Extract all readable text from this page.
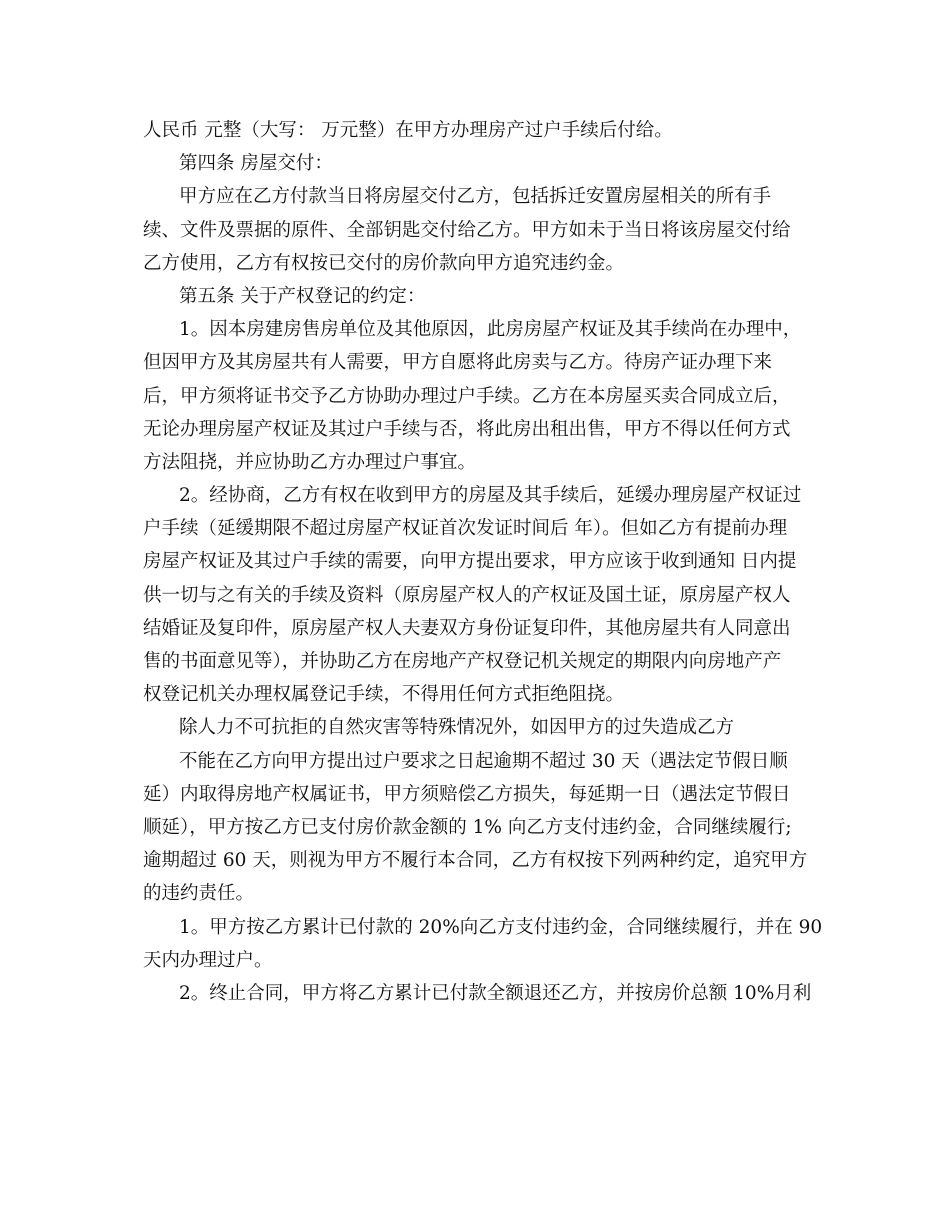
人民币 元整（大写： 万元整）在甲方办理房产过户手续后付给。
第四条 房屋交付：
甲方应在乙方付款当日将房屋交付乙方，包括拆迁安置房屋相关的所有手
续、文件及票据的原件、全部钥匙交付给乙方。甲方如未于当日将该房屋交付给
乙方使用，乙方有权按已交付的房价款向甲方追究违约金。
第五条 关于产权登记的约定：
1。因本房建房售房单位及其他原因，此房房屋产权证及其手续尚在办理中，
但因甲方及其房屋共有人需要，甲方自愿将此房卖与乙方。待房产证办理下来
后，甲方须将证书交予乙方协助办理过户手续。乙方在本房屋买卖合同成立后，
无论办理房屋产权证及其过户手续与否，将此房出租出售，甲方不得以任何方式
方法阻挠，并应协助乙方办理过户事宜。
2。经协商，乙方有权在收到甲方的房屋及其手续后，延缓办理房屋产权证过
户手续（延缓期限不超过房屋产权证首次发证时间后 年）。但如乙方有提前办理
房屋产权证及其过户手续的需要，向甲方提出要求，甲方应该于收到通知 日内提
供一切与之有关的手续及资料（原房屋产权人的产权证及国土证，原房屋产权人
结婚证及复印件，原房屋产权人夫妻双方身份证复印件，其他房屋共有人同意出
售的书面意见等），并协助乙方在房地产产权登记机关规定的期限内向房地产产
权登记机关办理权属登记手续，不得用任何方式拒绝阻挠。
除人力不可抗拒的自然灾害等特殊情况外，如因甲方的过失造成乙方
不能在乙方向甲方提出过户要求之日起逾期不超过 30 天（遇法定节假日顺
延）内取得房地产权属证书，甲方须赔偿乙方损失，每延期一日（遇法定节假日
顺延），甲方按乙方已支付房价款金额的 1% 向乙方支付违约金，合同继续履行;
逾期超过 60 天，则视为甲方不履行本合同，乙方有权按下列两种约定，追究甲方
的违约责任。
1。甲方按乙方累计已付款的 20%向乙方支付违约金，合同继续履行，并在 90
天内办理过户。
2。终止合同，甲方将乙方累计已付款全额退还乙方，并按房价总额 10%月利
